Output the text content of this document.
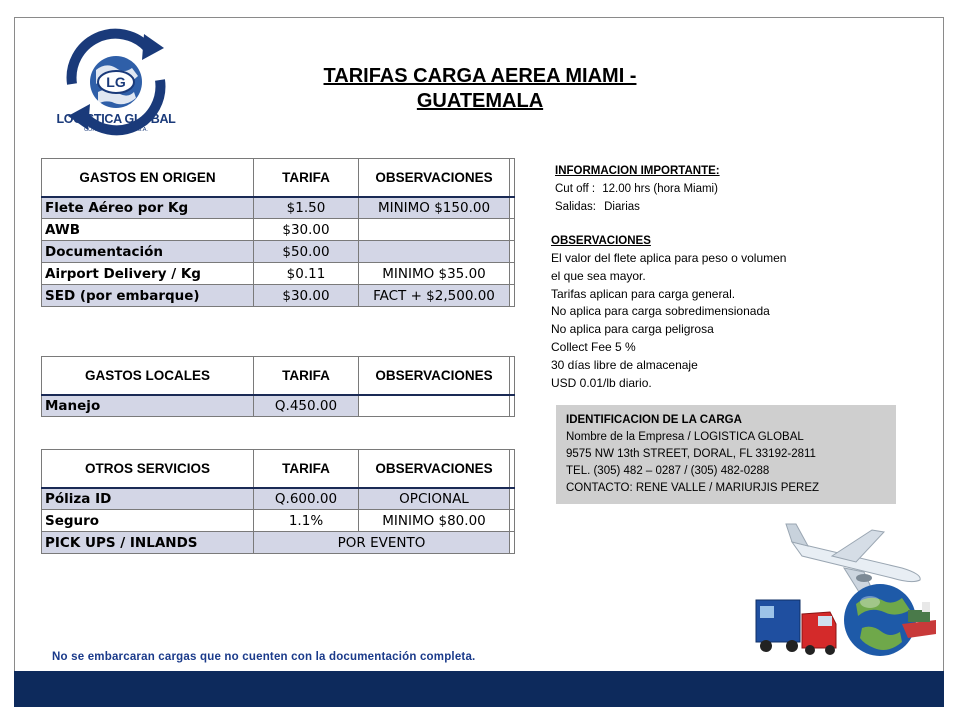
LG
LOGÍSTICA GLOBAL
CORPORACION I.G. S.A.
TARIFAS CARGA AEREA MIAMI -
GUATEMALA
GASTOS EN ORIGEN	TARIFA	OBSERVACIONES	
Flete Aéreo por Kg	$1.50	MINIMO $150.00	
AWB	$30.00		
Documentación	$50.00		
Airport Delivery / Kg	$0.11	MINIMO $35.00	
SED (por embarque)	$30.00	FACT + $2,500.00	
GASTOS LOCALES	TARIFA	OBSERVACIONES	
Manejo	Q.450.00		
OTROS SERVICIOS	TARIFA	OBSERVACIONES	
Póliza ID	Q.600.00	OPCIONAL	
Seguro	1.1%	MINIMO $80.00	
PICK UPS / INLANDS	POR EVENTO		
INFORMACION IMPORTANTE:
Cut off : 12.00 hrs (hora Miami)
Salidas: Diarias
OBSERVACIONES
El valor del flete aplica para peso o volumen
el que sea mayor.
Tarifas aplican para carga general.
No aplica para carga sobredimensionada
No aplica para carga peligrosa
Collect Fee 5 %
30 días libre de almacenaje
USD 0.01/lb diario.
IDENTIFICACION DE LA CARGA
Nombre de la Empresa / LOGISTICA GLOBAL
9575 NW 13th STREET, DORAL, FL 33192-2811
TEL. (305) 482 – 0287 / (305) 482-0288
CONTACTO: RENE VALLE / MARIURJIS PEREZ
No se embarcaran cargas que no cuenten con la documentación completa.
